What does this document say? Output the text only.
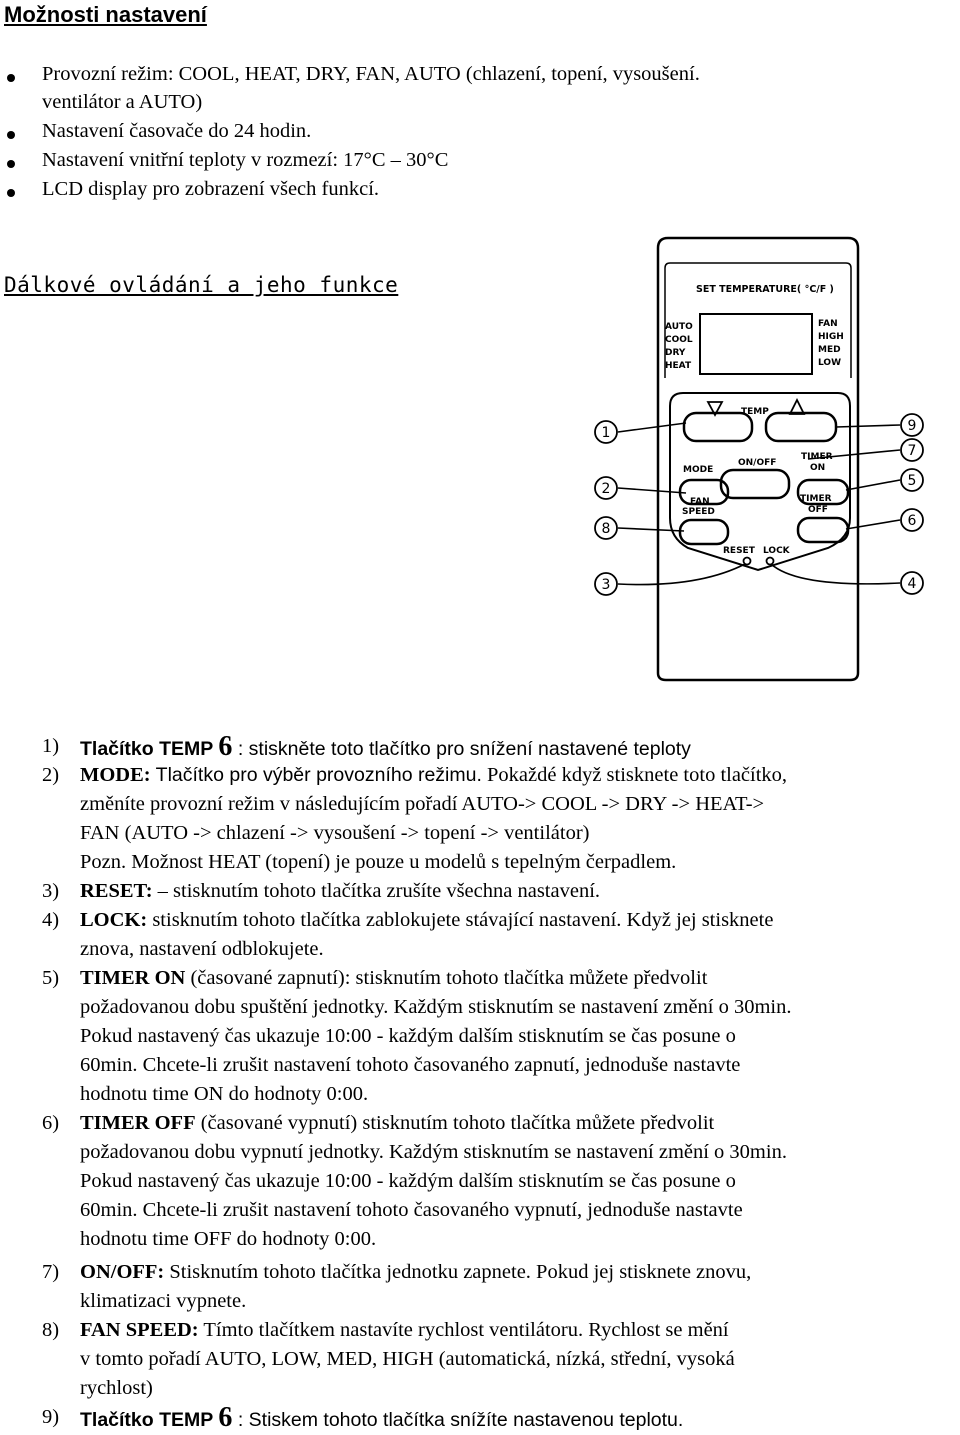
Možnosti nastavení
Provozní režim: COOL, HEAT, DRY, FAN, AUTO (chlazení, topení, vysoušení.
ventilátor a AUTO)
Nastavení časovače do 24 hodin.
Nastavení vnitřní teploty v rozmezí: 17°C – 30°C
LCD display pro zobrazení všech funkcí.
Dálkové ovládání a jeho funkce
1
2
8
3
9
7
5
6
4
SET TEMPERATURE( °C/F )
AUTO
COOL
DRY
HEAT
FAN
HIGH
MED
LOW
TEMP
MODE
ON/OFF
TIMER
ON
FAN
SPEED
TIMER
OFF
RESET LOCK
1) Tlačítko TEMP 6 : stiskněte toto tlačítko pro snížení nastavené teploty
2) MODE: Tlačítko pro výběr provozního režimu. Pokaždé když stisknete toto tlačítko,
změníte provozní režim v následujícím pořadí AUTO-> COOL -> DRY -> HEAT->
FAN (AUTO -> chlazení -> vysoušení -> topení -> ventilátor)
Pozn. Možnost HEAT (topení) je pouze u modelů s tepelným čerpadlem.
3) RESET: – stisknutím tohoto tlačítka zrušíte všechna nastavení.
4) LOCK: stisknutím tohoto tlačítka zablokujete stávající nastavení. Když jej stisknete
znova, nastavení odblokujete.
5) TIMER ON (časované zapnutí): stisknutím tohoto tlačítka můžete předvolit
požadovanou dobu spuštění jednotky. Každým stisknutím se nastavení změní o 30min.
Pokud nastavený čas ukazuje 10:00 - každým dalším stisknutím se čas posune o
60min. Chcete-li zrušit nastavení tohoto časovaného zapnutí, jednoduše nastavte
hodnotu time ON do hodnoty 0:00.
6) TIMER OFF (časované vypnutí) stisknutím tohoto tlačítka můžete předvolit
požadovanou dobu vypnutí jednotky. Každým stisknutím se nastavení změní o 30min.
Pokud nastavený čas ukazuje 10:00 - každým dalším stisknutím se čas posune o
60min. Chcete-li zrušit nastavení tohoto časovaného vypnutí, jednoduše nastavte
hodnotu time OFF do hodnoty 0:00.
7) ON/OFF: Stisknutím tohoto tlačítka jednotku zapnete. Pokud jej stisknete znovu,
klimatizaci vypnete.
8) FAN SPEED: Tímto tlačítkem nastavíte rychlost ventilátoru. Rychlost se mění
v tomto pořadí AUTO, LOW, MED, HIGH (automatická, nízká, střední, vysoká
rychlost)
9) Tlačítko TEMP 6 : Stiskem tohoto tlačítka snížíte nastavenou teplotu.
